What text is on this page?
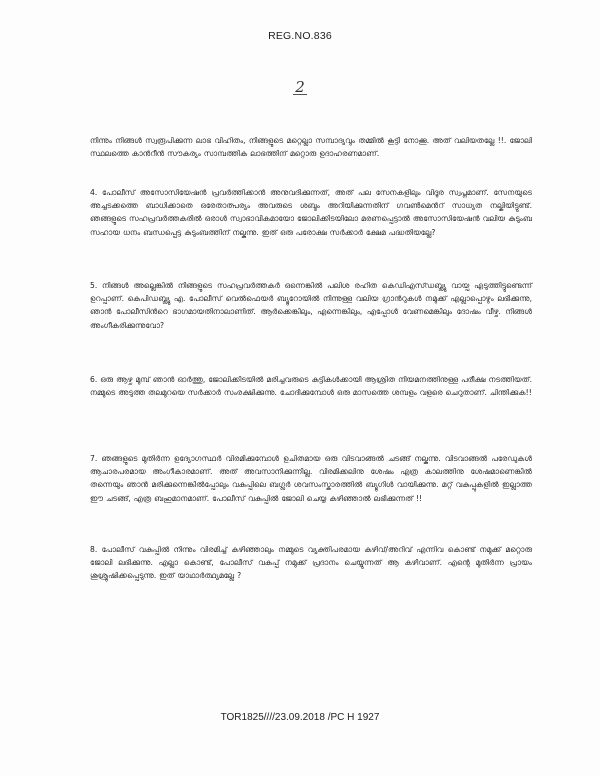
REG.NO.836
2
നിന്നും നിങ്ങൾ സ്വരൂപിക്കുന്ന ലാഭ വിഹിതം, നിങ്ങളുടെ മറ്റെല്ലാ സമ്പാദ്യവും തമ്മിൽ കൂട്ടി നോക്കൂ. അത് വലിയതല്ലേ !!. ജോലി സ്ഥലത്തെ കാൻറീൻ സൗകര്യം സാമ്പത്തിക ലാഭത്തിന് മറ്റൊരു ഉദാഹരണമാണ്.
4. പോലീസ് അസോസിയേഷൻ പ്രവർത്തിക്കാൻ അനുവദിക്കുന്നത്, അത് പല സേനകളിലും വിദൂര സ്വപ്നമാണ്. സേനയുടെ അച്ചടക്കത്തെ ബാധിക്കാതെ ഒരേതാത്പര്യം അവരുടെ ശബ്ദം അറിയിക്കുന്നതിന് ഗവൺമെൻറ് സാധ്യത നല്കിയിട്ടുണ്ട്. ഞങ്ങളുടെ സഹപ്രവർത്തകരിൽ ഒരാൾ സ്വാഭാവികമായോ ജോലിക്കിടയിലോ മരണപ്പെട്ടാൽ അസോസിയേഷൻ വലിയ കുടുംബ സഹായ ധനം ബന്ധപ്പെട്ട കുടുംബത്തിന് നല്കുന്നു. ഇത് ഒരു പരോക്ഷ സർക്കാർ ക്ഷേമ പദ്ധതിയല്ലേ?
5. നിങ്ങൾ അല്ലെങ്കിൽ നിങ്ങളുടെ സഹപ്രവർത്തകർ ഒന്നെങ്കിൽ പലിശ രഹിത കെഡിഎസ്ഡബ്ല്യു വായ്പ എടുത്തിട്ടുണ്ടെന്ന് ഉറപ്പാണ്. കെപിഡബ്ല്യു എ. പോലീസ് വെൽഫെയർ ബ്യൂറോയിൽ നിന്നുള്ള വലിയ ഗ്രാൻറുകൾ നമുക്ക് എല്ലാപ്പൊഴും ലഭിക്കുന്നു, ഞാൻ പോലീസിൻറെ ഭാഗമായതിനാലാണിത്. ആർക്കെങ്കിലും, എന്നെങ്കിലും, എപ്പോൾ വേണമെങ്കിലും ദോഷം വീഴ്ച. നിങ്ങൾ അംഗീകരിക്കുന്നുവോ?
6. ഒരു ആഴ്ച മുമ്പ് ഞാൻ ഓർത്തു, ജോലിക്കിടയിൽ മരിച്ചവരുടെ കുട്ടികൾക്കായി ആശ്രിത നിയമനത്തിനുള്ള പരീക്ഷ നടത്തിയത്. നമ്മുടെ അടുത്ത തലമുറയെ സർക്കാർ സംരക്ഷിക്കുന്നു. ചോദിക്കുമ്പോൾ ഒരു മാസത്തെ ശമ്പളം വളരെ ചെറുതാണ്. ചിന്തിക്കുക!!
7. ഞങ്ങളുടെ മുതിർന്ന ഉദ്യോഗസ്ഥർ വിരമിക്കുമ്പോൾ ഉചിതമായ ഒരു വിടവാങ്ങൽ ചടങ്ങ് നല്കുന്നു. വിടവാങ്ങൽ പരേഡുകൾ ആചാരപരമായ അംഗീകാരമാണ്. അത് അവസാനിക്കുന്നില്ല. വിരമിക്കലിനു ശേഷം എത്ര കാലത്തിനു ശേഷമാണെങ്കിൽ തന്നെയും ഞാൻ മരിക്കുന്നെങ്കിൽപ്പോലും വകുപ്പിലെ ബഗ്ലർ ശവസംസ്കാരത്തിൽ ബ്യൂഗിൾ വായിക്കുന്നു. മറ്റ് വകുപ്പുകളിൽ ഇല്ലാത്ത ഈ ചടങ്ങ്, എത്ര ബഹുമാനമാണ്. പോലീസ് വകുപ്പിൽ ജോലി ചെയ്യ കഴിഞ്ഞാൽ ലഭിക്കുന്നത് !!
8. പോലീസ് വകുപ്പിൽ നിന്നും വിരമിച്ച് കഴിഞ്ഞാലും നമ്മുടെ വ്യക്തിപരമായ കഴിവ്/അറിവ് എന്നിവ കൊണ്ട് നമുക്ക് മറ്റൊരു ജോലി ലഭിക്കുന്നു. എല്ലാ കൊണ്ട്, പോലീസ് വകുപ്പ് നമുക്ക് പ്രദാനം ചെയ്യുന്നത് ആ കഴിവാണ്. എന്റെ മുതിർന്ന പ്രായം ശുശ്രൂഷിക്കപ്പെടുന്നു. ഇത് യാഥാർത്ഥ്യമല്ലേ ?
TOR1825////23.09.2018 /PC H 1927
